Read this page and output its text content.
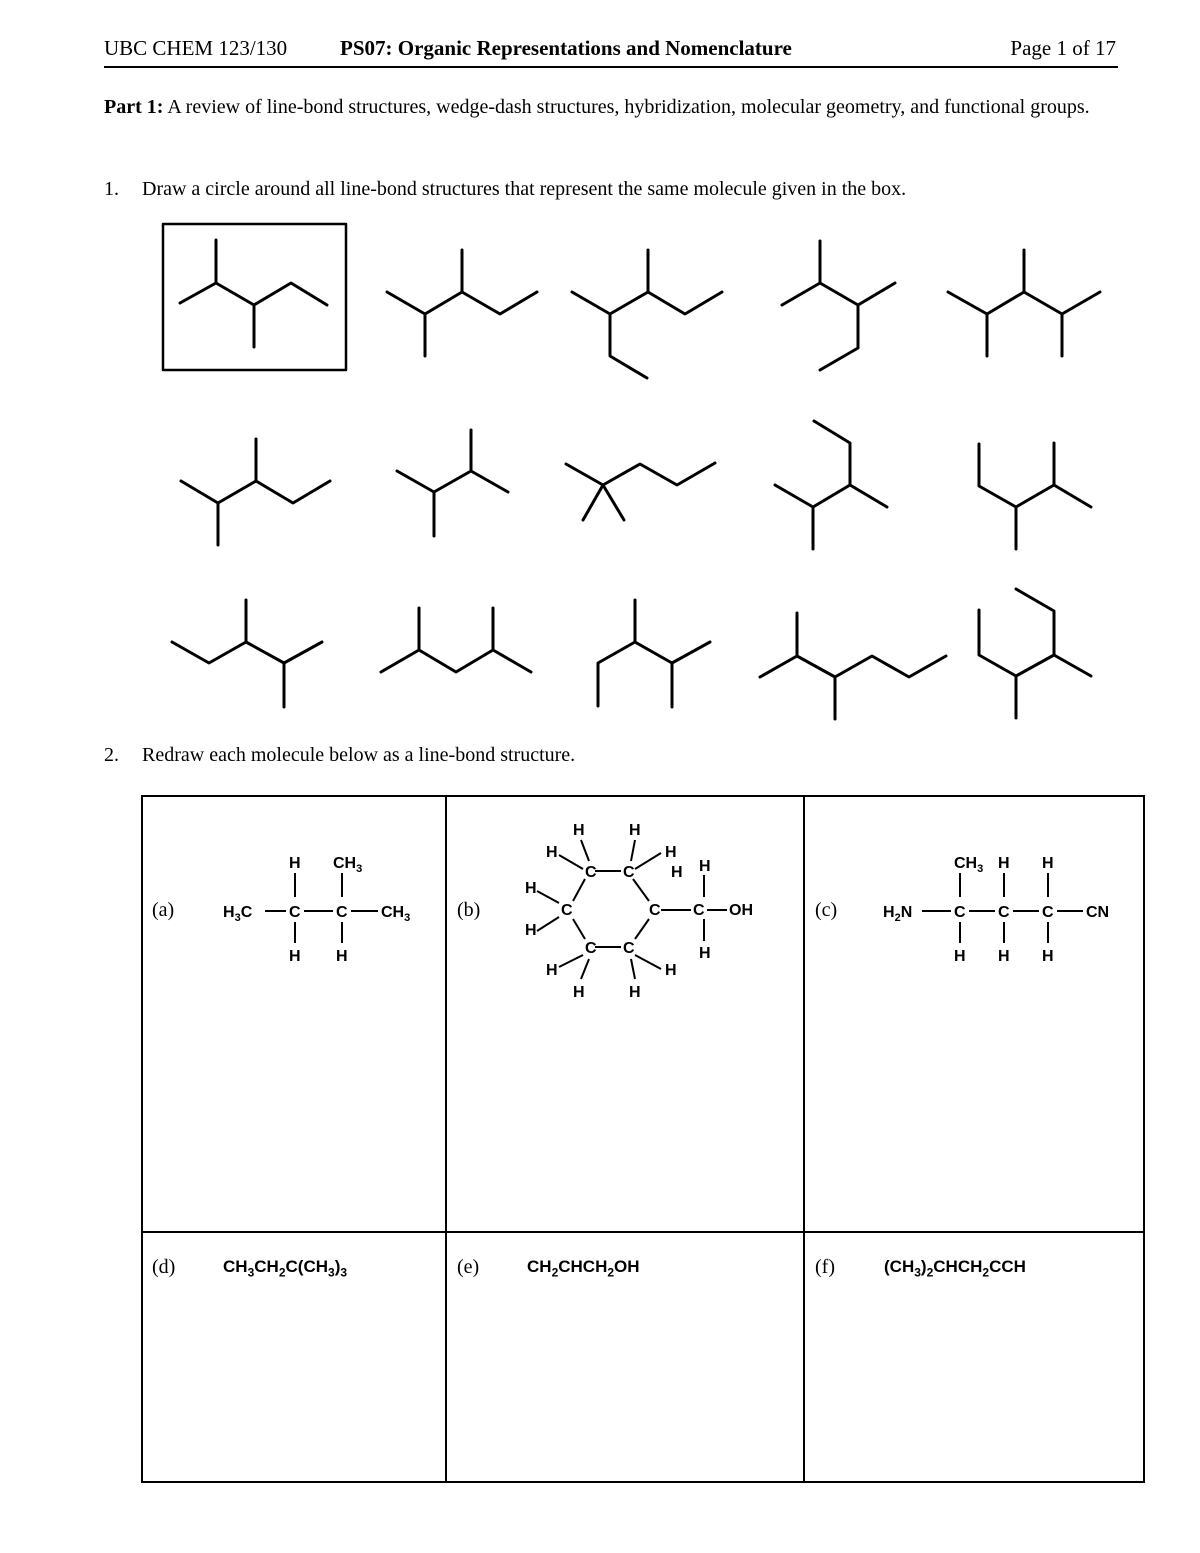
UBC CHEM 123/130	PS07: Organic Representations and Nomenclature	Page 1 of 17
Part 1: A review of line-bond structures, wedge-dash structures, hybridization, molecular geometry, and functional groups.
1. Draw a circle around all line-bond structures that represent the same molecule given in the box.
2. Redraw each molecule below as a line-bond structure.
(a)	(b)	(c)
(d)	(e)	(f)
$CH_3CH_2C(CH_3)_3$	$CH_2CHCH_2OH$	$(CH_3)_2CHCH_2CCH$
H $CH_3$
$H_3C$ C C $CH_3$
H H
H	H
H
C C
H
H H
H
C	C C OH
H
H
C C
H	H
H	H
$CH_3$ H H
$H_2N$	C C C CN
H H H
